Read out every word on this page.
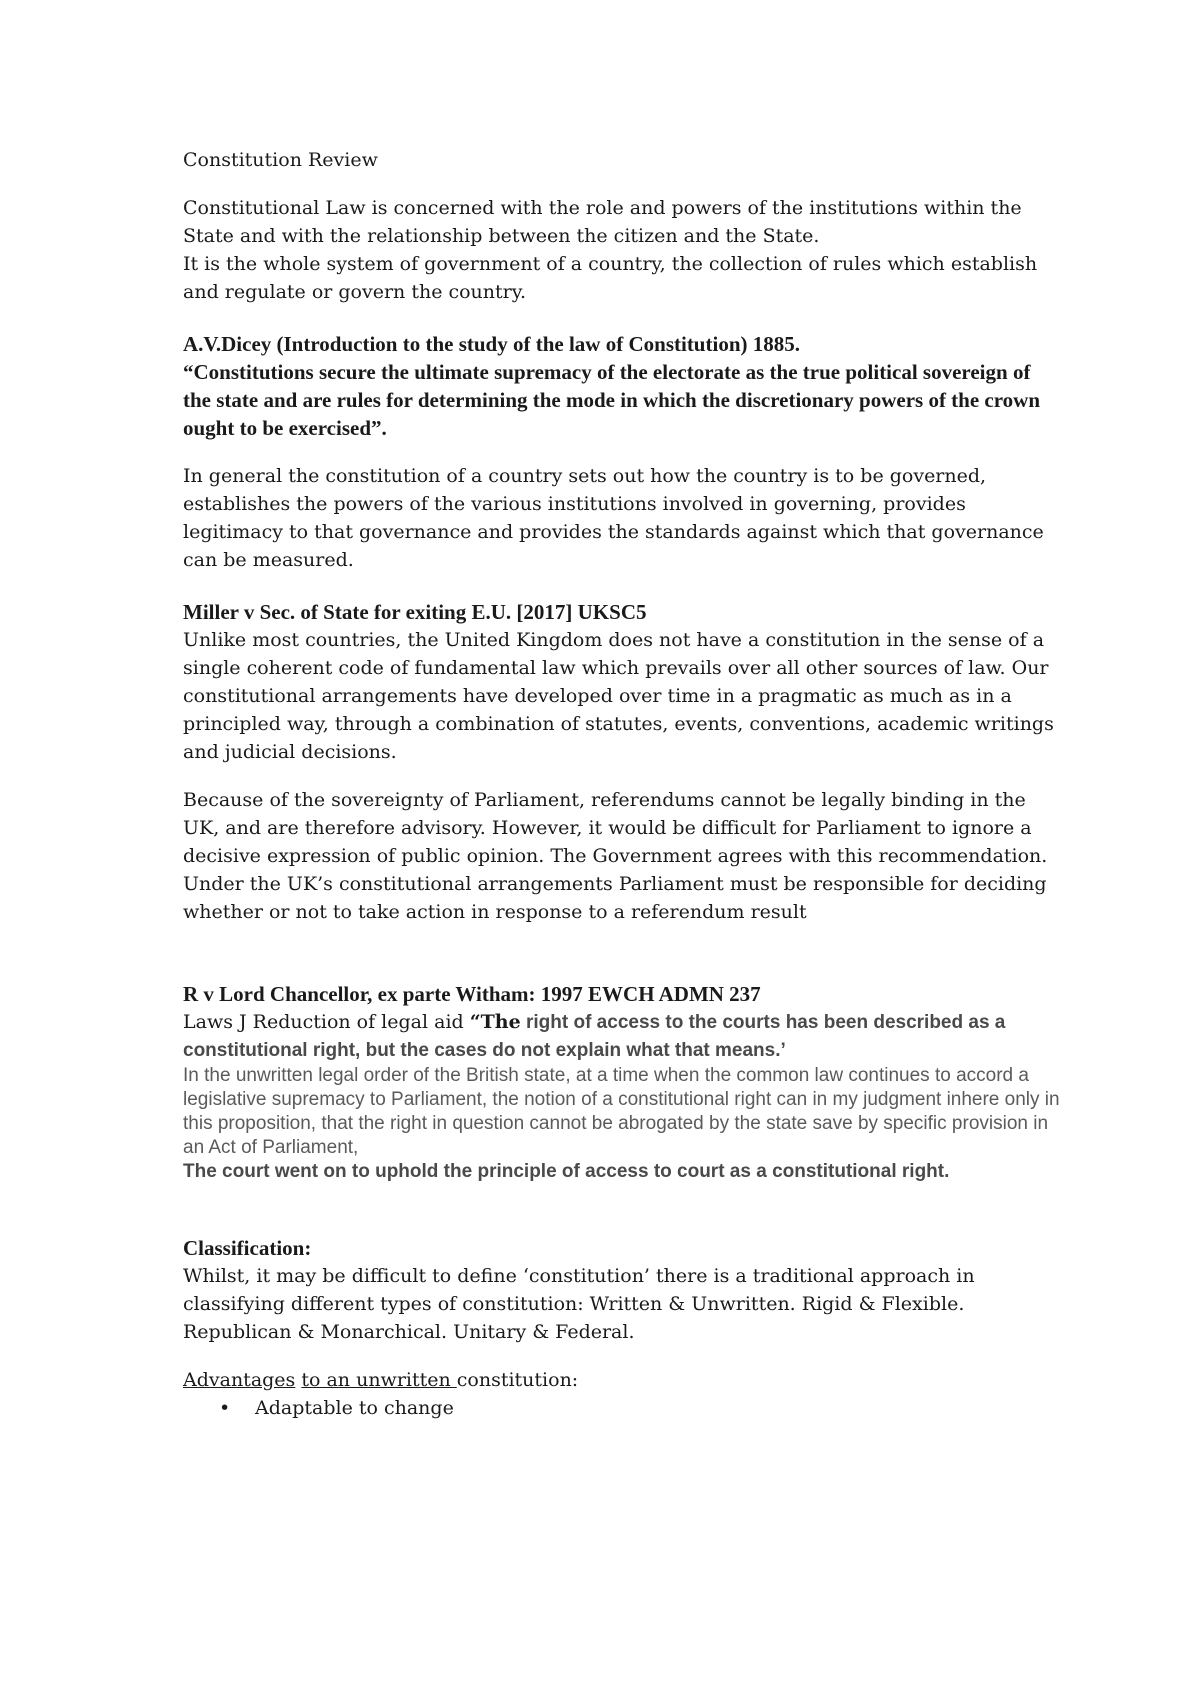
Constitution Review

Constitutional Law is concerned with the role and powers of the institutions within the State and with the relationship between the citizen and the State.

It is the whole system of government of a country, the collection of rules which establish and regulate or govern the country.

A.V.Dicey (Introduction to the study of the law of Constitution) 1885.

“Constitutions secure the ultimate supremacy of the electorate as the true political sovereign of the state and are rules for determining the mode in which the discretionary powers of the crown ought to be exercised”.

In general the constitution of a country sets out how the country is to be governed, establishes the powers of the various institutions involved in governing, provides legitimacy to that governance and provides the standards against which that governance can be measured.

Miller v Sec. of State for exiting E.U. [2017] UKSC5

Unlike most countries, the United Kingdom does not have a constitution in the sense of a single coherent code of fundamental law which prevails over all other sources of law. Our constitutional arrangements have developed over time in a pragmatic as much as in a principled way, through a combination of statutes, events, conventions, academic writings and judicial decisions.

Because of the sovereignty of Parliament, referendums cannot be legally binding in the UK, and are therefore advisory. However, it would be difficult for Parliament to ignore a decisive expression of public opinion. The Government agrees with this recommendation. Under the UK’s constitutional arrangements Parliament must be responsible for deciding whether or not to take action in response to a referendum result

R v Lord Chancellor, ex parte Witham: 1997 EWCH ADMN 237

Laws J Reduction of legal aid “The right of access to the courts has been described as a constitutional right, but the cases do not explain what that means.’

In the unwritten legal order of the British state, at a time when the common law continues to accord a legislative supremacy to Parliament, the notion of a constitutional right can in my judgment inhere only in this proposition, that the right in question cannot be abrogated by the state save by specific provision in an Act of Parliament,

The court went on to uphold the principle of access to court as a constitutional right.

Classification:

Whilst, it may be difficult to define ‘constitution’ there is a traditional approach in classifying different types of constitution: Written & Unwritten. Rigid & Flexible. Republican & Monarchical. Unitary & Federal.

Advantages to an unwritten constitution:

• Adaptable to change
